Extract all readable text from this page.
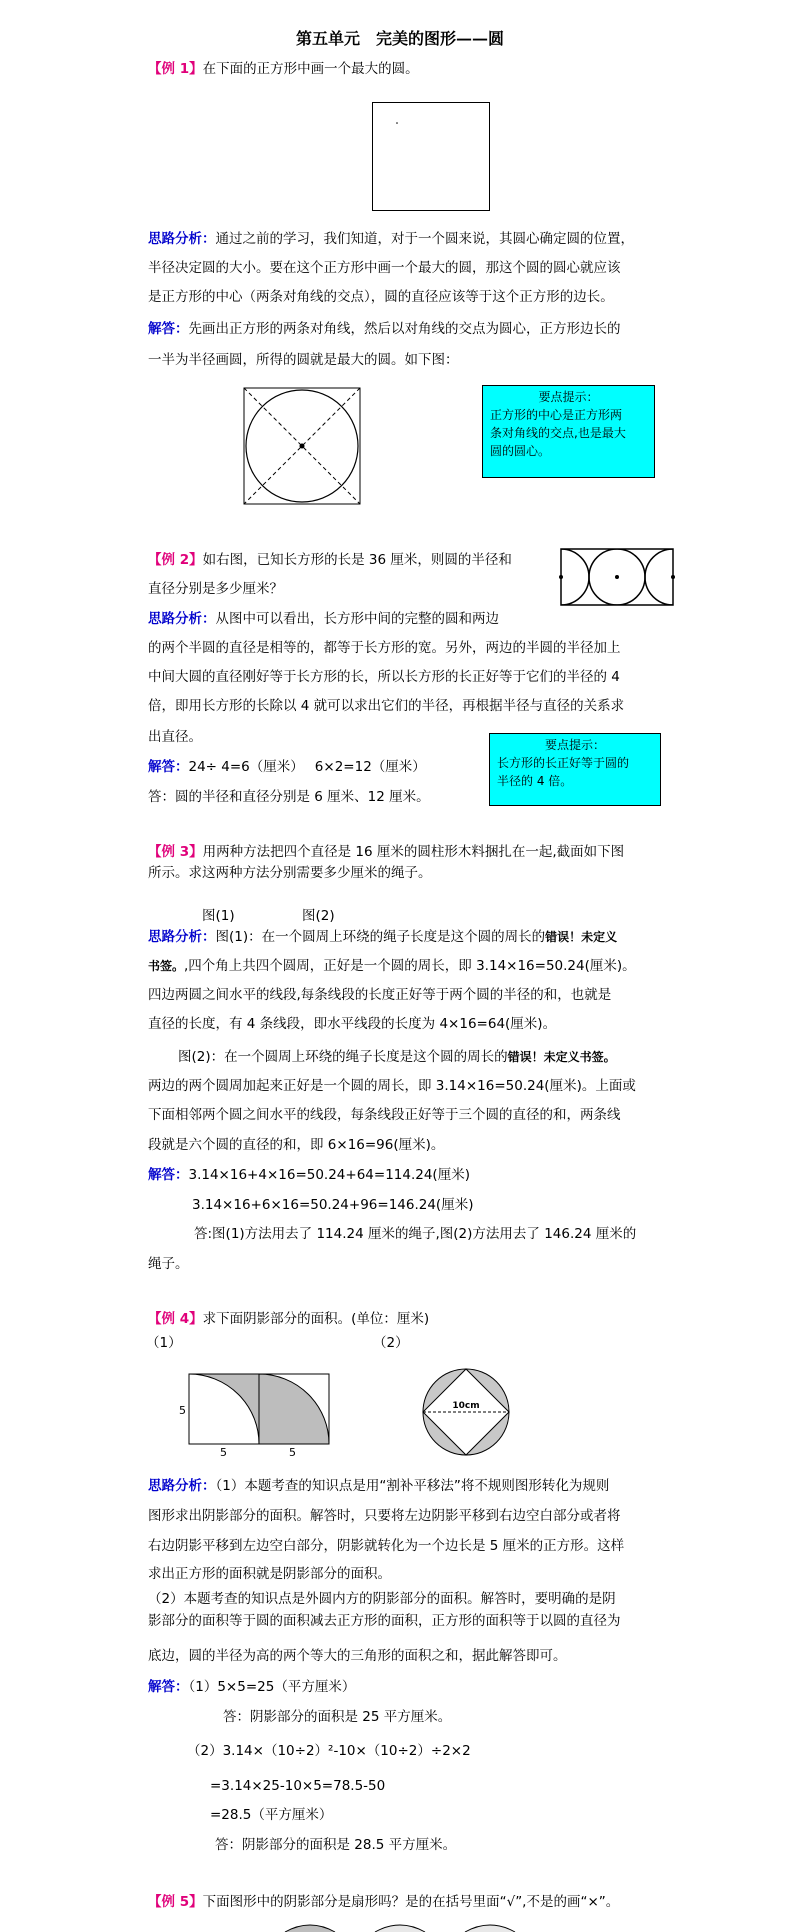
第五单元　完美的图形——圆
【例 1】在下面的正方形中画一个最大的圆。
思路分析：通过之前的学习，我们知道，对于一个圆来说，其圆心确定圆的位置，
半径决定圆的大小。要在这个正方形中画一个最大的圆，那这个圆的圆心就应该
是正方形的中心（两条对角线的交点），圆的直径应该等于这个正方形的边长。
解答：先画出正方形的两条对角线，然后以对角线的交点为圆心，正方形边长的
一半为半径画圆，所得的圆就是最大的圆。如下图：
要点提示：
正方形的中心是正方形两
条对角线的交点,也是最大
圆的圆心。
【例 2】如右图，已知长方形的长是 36 厘米，则圆的半径和
直径分别是多少厘米？
思路分析：从图中可以看出，长方形中间的完整的圆和两边
的两个半圆的直径是相等的，都等于长方形的宽。另外，两边的半圆的半径加上
中间大圆的直径刚好等于长方形的长，所以长方形的长正好等于它们的半径的 4
倍，即用长方形的长除以 4 就可以求出它们的半径，再根据半径与直径的关系求
出直径。
解答：24÷ 4=6（厘米）　 6×2=12（厘米）
答：圆的半径和直径分别是 6 厘米、12 厘米。
要点提示：
长方形的长正好等于圆的
半径的 4 倍。
【例 3】用两种方法把四个直径是 16 厘米的圆柱形木料捆扎在一起,截面如下图
所示。求这两种方法分别需要多少厘米的绳子。
图(1)	图(2)
思路分析：图(1)：在一个圆周上环绕的绳子长度是这个圆的周长的错误！未定义
书签。,四个角上共四个圆周，正好是一个圆的周长，即 3.14×16=50.24(厘米)。
四边两圆之间水平的线段,每条线段的长度正好等于两个圆的半径的和，也就是
直径的长度，有 4 条线段，即水平线段的长度为 4×16=64(厘米)。
图(2)：在一个圆周上环绕的绳子长度是这个圆的周长的错误！未定义书签。
两边的两个圆周加起来正好是一个圆的周长，即 3.14×16=50.24(厘米)。上面或
下面相邻两个圆之间水平的线段，每条线段正好等于三个圆的直径的和，两条线
段就是六个圆的直径的和，即 6×16=96(厘米)。
解答：3.14×16+4×16=50.24+64=114.24(厘米)
3.14×16+6×16=50.24+96=146.24(厘米)
答:图(1)方法用去了 114.24 厘米的绳子,图(2)方法用去了 146.24 厘米的
绳子。
【例 4】求下面阴影部分的面积。(单位：厘米)
（1）	（2）
5
5	5
10cm
思路分析：（1）本题考查的知识点是用“割补平移法”将不规则图形转化为规则
图形求出阴影部分的面积。解答时，只要将左边阴影平移到右边空白部分或者将
右边阴影平移到左边空白部分，阴影就转化为一个边长是 5 厘米的正方形。这样
求出正方形的面积就是阴影部分的面积。
（2）本题考查的知识点是外圆内方的阴影部分的面积。解答时，要明确的是阴
影部分的面积等于圆的面积减去正方形的面积，正方形的面积等于以圆的直径为
底边，圆的半径为高的两个等大的三角形的面积之和，据此解答即可。
解答：（1）5×5=25（平方厘米）
答：阴影部分的面积是 25 平方厘米。
（2）3.14×（10÷2）²-10×（10÷2）÷2×2
=3.14×25-10×5=78.5-50
=28.5（平方厘米）
答：阴影部分的面积是 28.5 平方厘米。
【例 5】下面图形中的阴影部分是扇形吗？是的在括号里面“√”,不是的画“×”。
